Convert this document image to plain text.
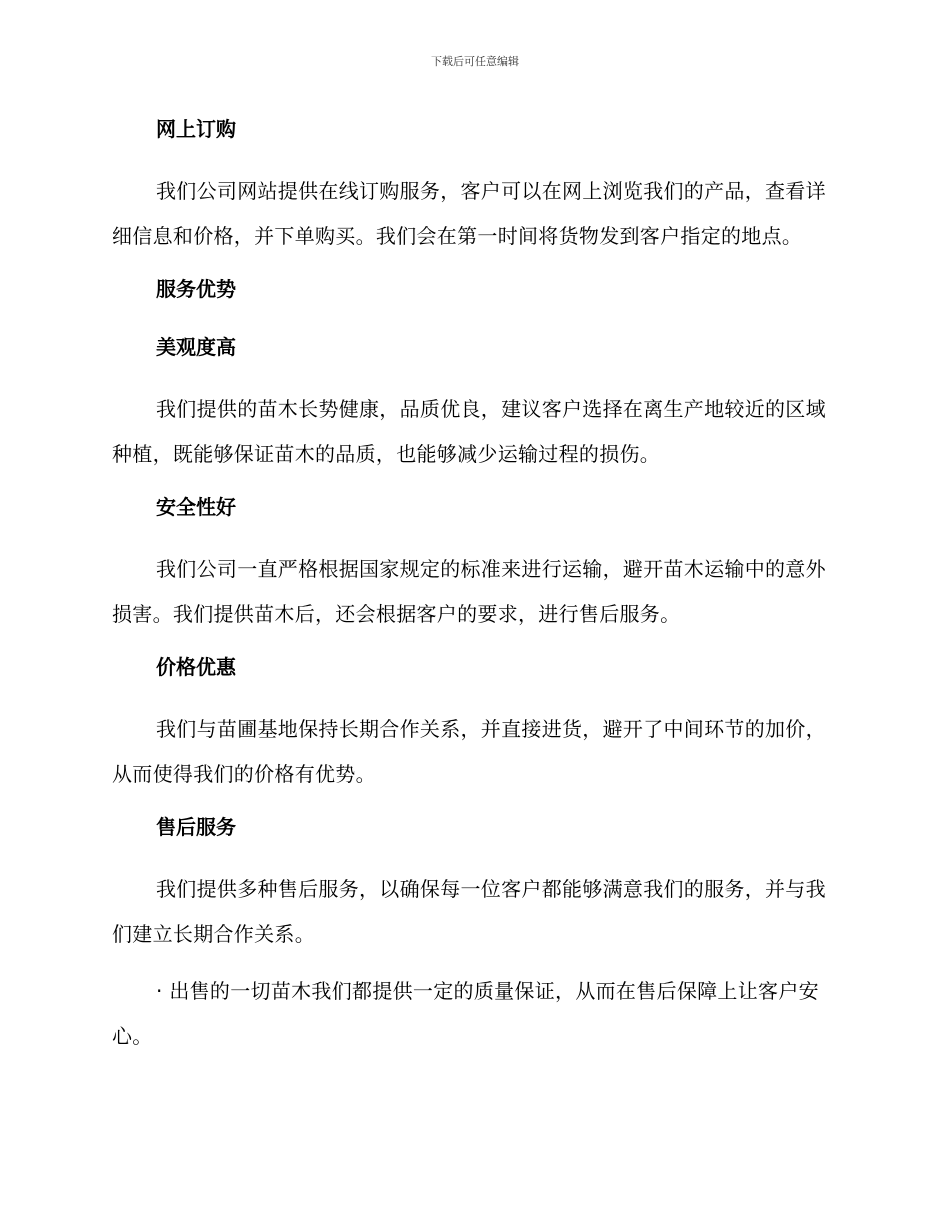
下载后可任意编辑
网上订购

我们公司网站提供在线订购服务，客户可以在网上浏览我们的产品，查看详细信息和价格，并下单购买。我们会在第一时间将货物发到客户指定的地点。

服务优势
美观度高

我们提供的苗木长势健康，品质优良，建议客户选择在离生产地较近的区域种植，既能够保证苗木的品质，也能够减少运输过程的损伤。

安全性好

我们公司一直严格根据国家规定的标准来进行运输，避开苗木运输中的意外损害。我们提供苗木后，还会根据客户的要求，进行售后服务。

价格优惠

我们与苗圃基地保持长期合作关系，并直接进货，避开了中间环节的加价，从而使得我们的价格有优势。

售后服务

我们提供多种售后服务，以确保每一位客户都能够满意我们的服务，并与我们建立长期合作关系。

· 出售的一切苗木我们都提供一定的质量保证，从而在售后保障上让客户安心。
